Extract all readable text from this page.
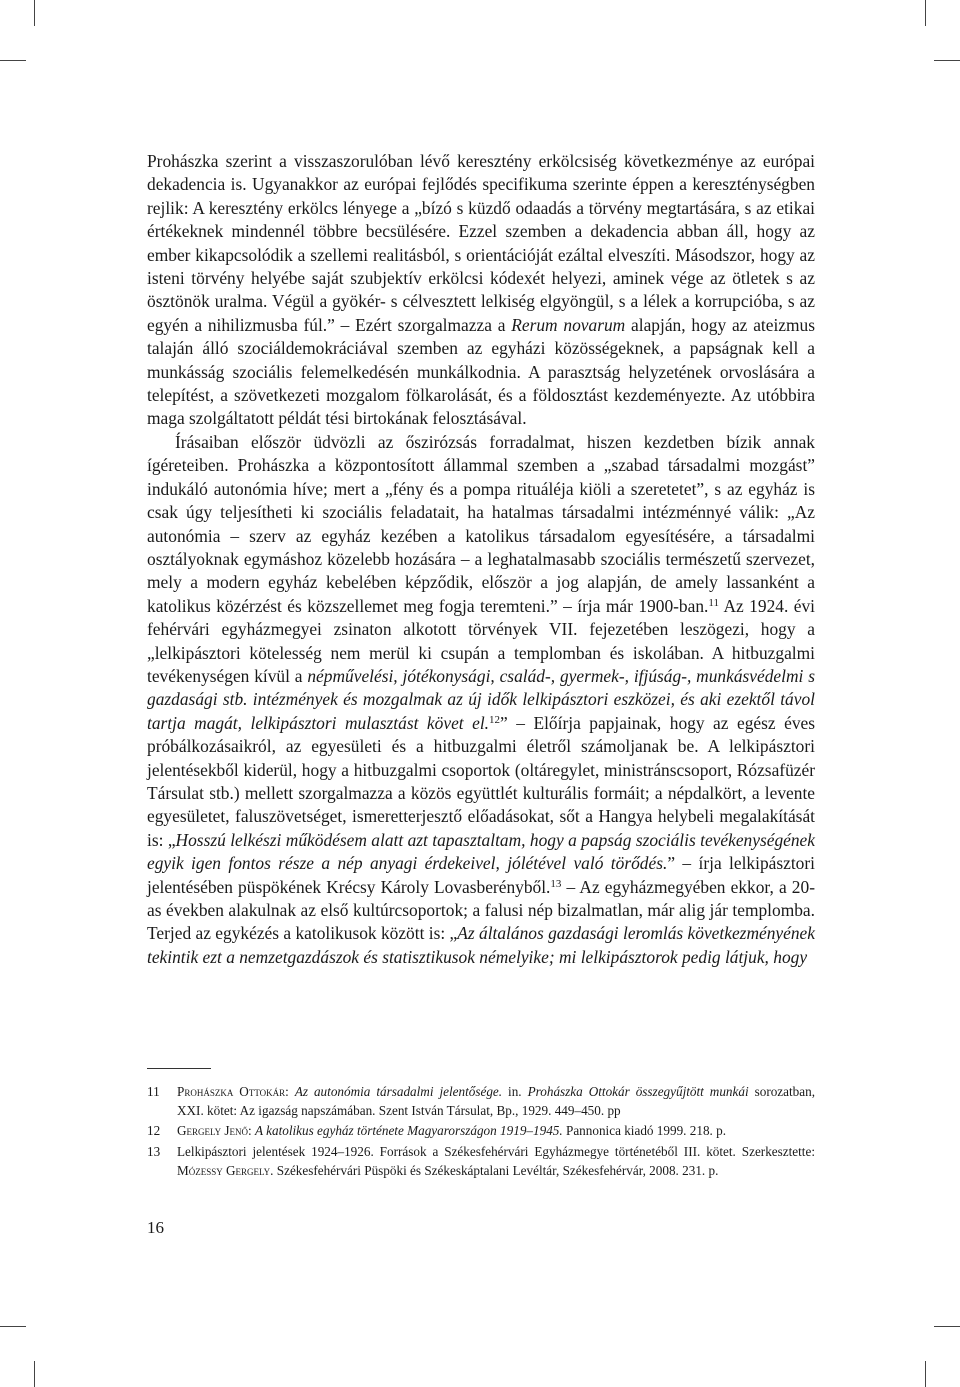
Prohászka szerint a visszaszorulóban lévő keresztény erkölcsiség következménye az európai dekadencia is. Ugyanakkor az európai fejlődés specifikuma szerinte éppen a kereszténységben rejlik: A keresztény erkölcs lényege a „bízó s küzdő odaadás a törvény megtartására, s az etikai értékeknek mindennél többre becsülésére. Ezzel szemben a dekadencia abban áll, hogy az ember kikapcsolódik a szellemi realitásból, s orientációját ezáltal elveszíti. Másodszor, hogy az isteni törvény helyébe saját szubjektív erkölcsi kódexét helyezi, aminek vége az ötletek s az ösztönök uralma. Végül a gyökér- s célvesztett lelkiség elgyöngül, s a lélek a korrupcióba, s az egyén a nihilizmusba fúl.” – Ezért szorgalmazza a Rerum novarum alapján, hogy az ateizmus talaján álló szociáldemokráciával szemben az egyházi közösségeknek, a papságnak kell a munkásság szociális felemelkedésén munkálkodnia. A parasztság helyzetének orvoslására a telepítést, a szövetkezeti mozgalom fölkarolását, és a földosztást kezdeményezte. Az utóbbira maga szolgáltatott példát tési birtokának felosztásával.

Írásaiban először üdvözli az őszirózsás forradalmat, hiszen kezdetben bízik annak ígéreteiben. Prohászka a központosított állammal szemben a „szabad társadalmi mozgást” indukáló autonómia híve; mert a „fény és a pompa rituáléja kiöli a szeretetet”, s az egyház is csak úgy teljesítheti ki szociális feladatait, ha hatalmas társadalmi intézménnyé válik: „Az autonómia – szerv az egyház kezében a katolikus társadalom egyesítésére, a társadalmi osztályoknak egymáshoz közelebb hozására – a leghatalmasabb szociális természetű szervezet, mely a modern egyház kebelében képződik, először a jog alapján, de amely lassanként a katolikus közérzést és közszellemet meg fogja teremteni.” – írja már 1900-ban.$^{11}$ Az 1924. évi fehérvári egyházmegyei zsinaton alkotott törvények VII. fejezetében leszögezi, hogy a „lelkipásztori kötelesség nem merül ki csupán a templomban és iskolában. A hitbuzgalmi tevékenységen kívül a népművelési, jótékonysági, család-, gyermek-, ifjúság-, munkásvédelmi s gazdasági stb. intézmények és mozgalmak az új idők lelkipásztori eszközei, és aki ezektől távol tartja magát, lelkipásztori mulasztást követ el.$^{12}$” – Előírja papjainak, hogy az egész éves próbálkozásaikról, az egyesületi és a hitbuzgalmi életről számoljanak be. A lelkipásztori jelentésekből kiderül, hogy a hitbuzgalmi csoportok (oltáregylet, ministránscsoport, Rózsafüzér Társulat stb.) mellett szorgalmazza a közös együttlét kulturális formáit; a népdalkört, a levente egyesületet, faluszövetséget, ismeretterjesztő előadásokat, sőt a Hangya helybeli megalakítását is: „Hosszú lelkészi működésem alatt azt tapasztaltam, hogy a papság szociális tevékenységének egyik igen fontos része a nép anyagi érdekeivel, jólétével való törődés.” – írja lelkipásztori jelentésében püspökének Krécsy Károly Lovasberényből.$^{13}$ – Az egyházmegyében ekkor, a 20-as években alakulnak az első kultúrcsoportok; a falusi nép bizalmatlan, már alig jár templomba. Terjed az egykézés a katolikusok között is: „Az általános gazdasági leromlás következményének tekintik ezt a nemzetgazdászok és statisztikusok némelyike; mi lelkipásztorok pedig látjuk, hogy

11	Prohászka Ottokár: Az autonómia társadalmi jelentősége. in. Prohászka Ottokár összegyűjtött munkái sorozatban, XXI. kötet: Az igazság napszámában. Szent István Társulat, Bp., 1929. 449–450. pp
12	Gergely Jenő: A katolikus egyház története Magyarországon 1919–1945. Pannonica kiadó 1999. 218. p.
13	Lelkipásztori jelentések 1924–1926. Források a Székesfehérvári Egyházmegye történetéből III. kötet. Szerkesztette: Mózessy Gergely. Székesfehérvári Püspöki és Székeskáptalani Levéltár, Székesfehérvár, 2008. 231. p.
16
